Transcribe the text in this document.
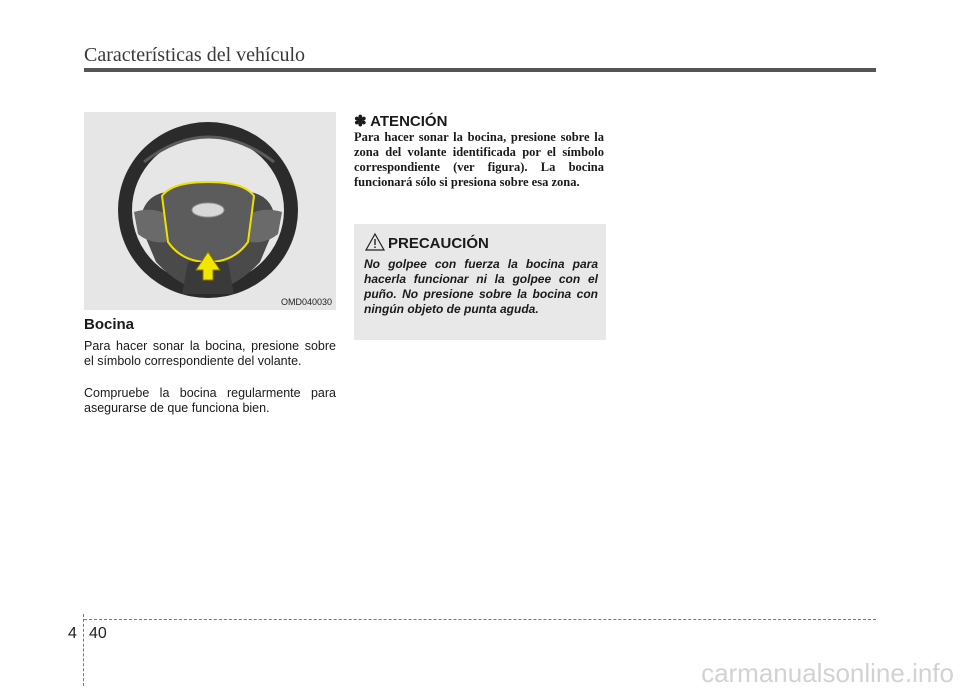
Características del vehículo
OMD040030
Bocina

Para hacer sonar la bocina, presione sobre el símbolo correspondiente del volante.

Compruebe la bocina regularmente para asegurarse de que funciona bien.

✽ ATENCIÓN

Para hacer sonar la bocina, presione sobre la zona del volante identificada por el símbolo correspondiente (ver figura). La bocina funcionará sólo si presiona sobre esa zona.

PRECAUCIÓN

No golpee con fuerza la bocina para hacerla funcionar ni la golpee con el puño. No presione sobre la bocina con ningún objeto de punta aguda.

4 40
carmanualsonline.info
